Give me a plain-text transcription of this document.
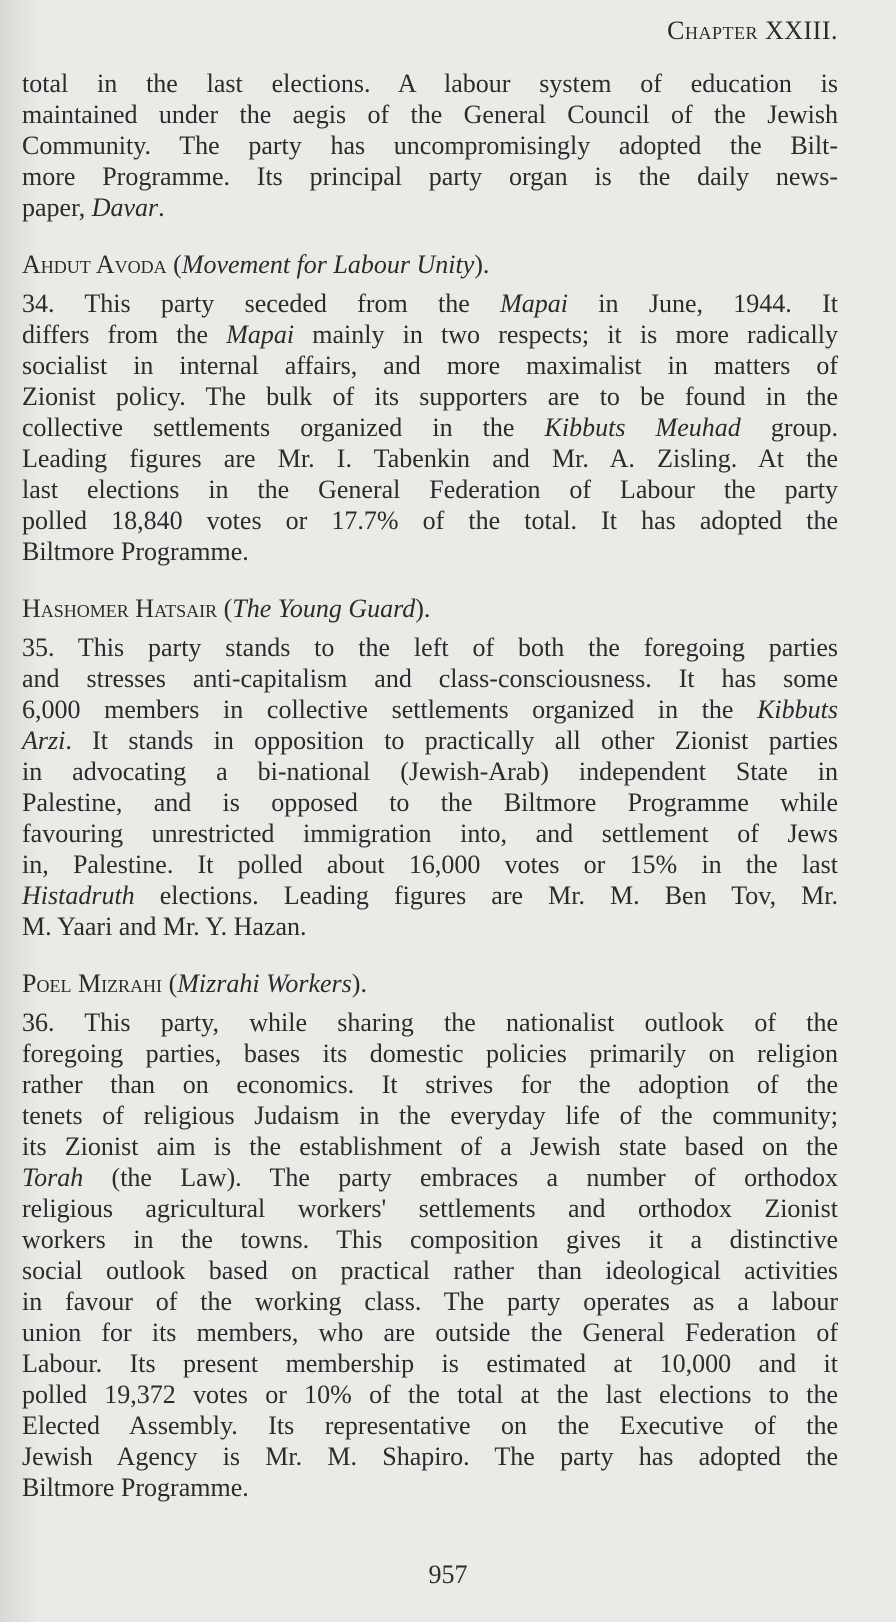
Chapter XXIII.
total in the last elections. A labour system of education is
maintained under the aegis of the General Council of the Jewish
Community. The party has uncompromisingly adopted the Bilt-
more Programme. Its principal party organ is the daily news-
paper, Davar.
Ahdut Avoda (Movement for Labour Unity).
34. This party seceded from the Mapai in June, 1944. It
differs from the Mapai mainly in two respects; it is more radically
socialist in internal affairs, and more maximalist in matters of
Zionist policy. The bulk of its supporters are to be found in the
collective settlements organized in the Kibbuts Meuhad group.
Leading figures are Mr. I. Tabenkin and Mr. A. Zisling. At the
last elections in the General Federation of Labour the party
polled 18,840 votes or 17.7% of the total. It has adopted the
Biltmore Programme.
Hashomer Hatsair (The Young Guard).
35. This party stands to the left of both the foregoing parties
and stresses anti-capitalism and class-consciousness. It has some
6,000 members in collective settlements organized in the Kibbuts
Arzi. It stands in opposition to practically all other Zionist parties
in advocating a bi-national (Jewish-Arab) independent State in
Palestine, and is opposed to the Biltmore Programme while
favouring unrestricted immigration into, and settlement of Jews
in, Palestine. It polled about 16,000 votes or 15% in the last
Histadruth elections. Leading figures are Mr. M. Ben Tov, Mr.
M. Yaari and Mr. Y. Hazan.
Poel Mizrahi (Mizrahi Workers).
36. This party, while sharing the nationalist outlook of the
foregoing parties, bases its domestic policies primarily on religion
rather than on economics. It strives for the adoption of the
tenets of religious Judaism in the everyday life of the community;
its Zionist aim is the establishment of a Jewish state based on the
Torah (the Law). The party embraces a number of orthodox
religious agricultural workers' settlements and orthodox Zionist
workers in the towns. This composition gives it a distinctive
social outlook based on practical rather than ideological activities
in favour of the working class. The party operates as a labour
union for its members, who are outside the General Federation of
Labour. Its present membership is estimated at 10,000 and it
polled 19,372 votes or 10% of the total at the last elections to the
Elected Assembly. Its representative on the Executive of the
Jewish Agency is Mr. M. Shapiro. The party has adopted the
Biltmore Programme.
957
